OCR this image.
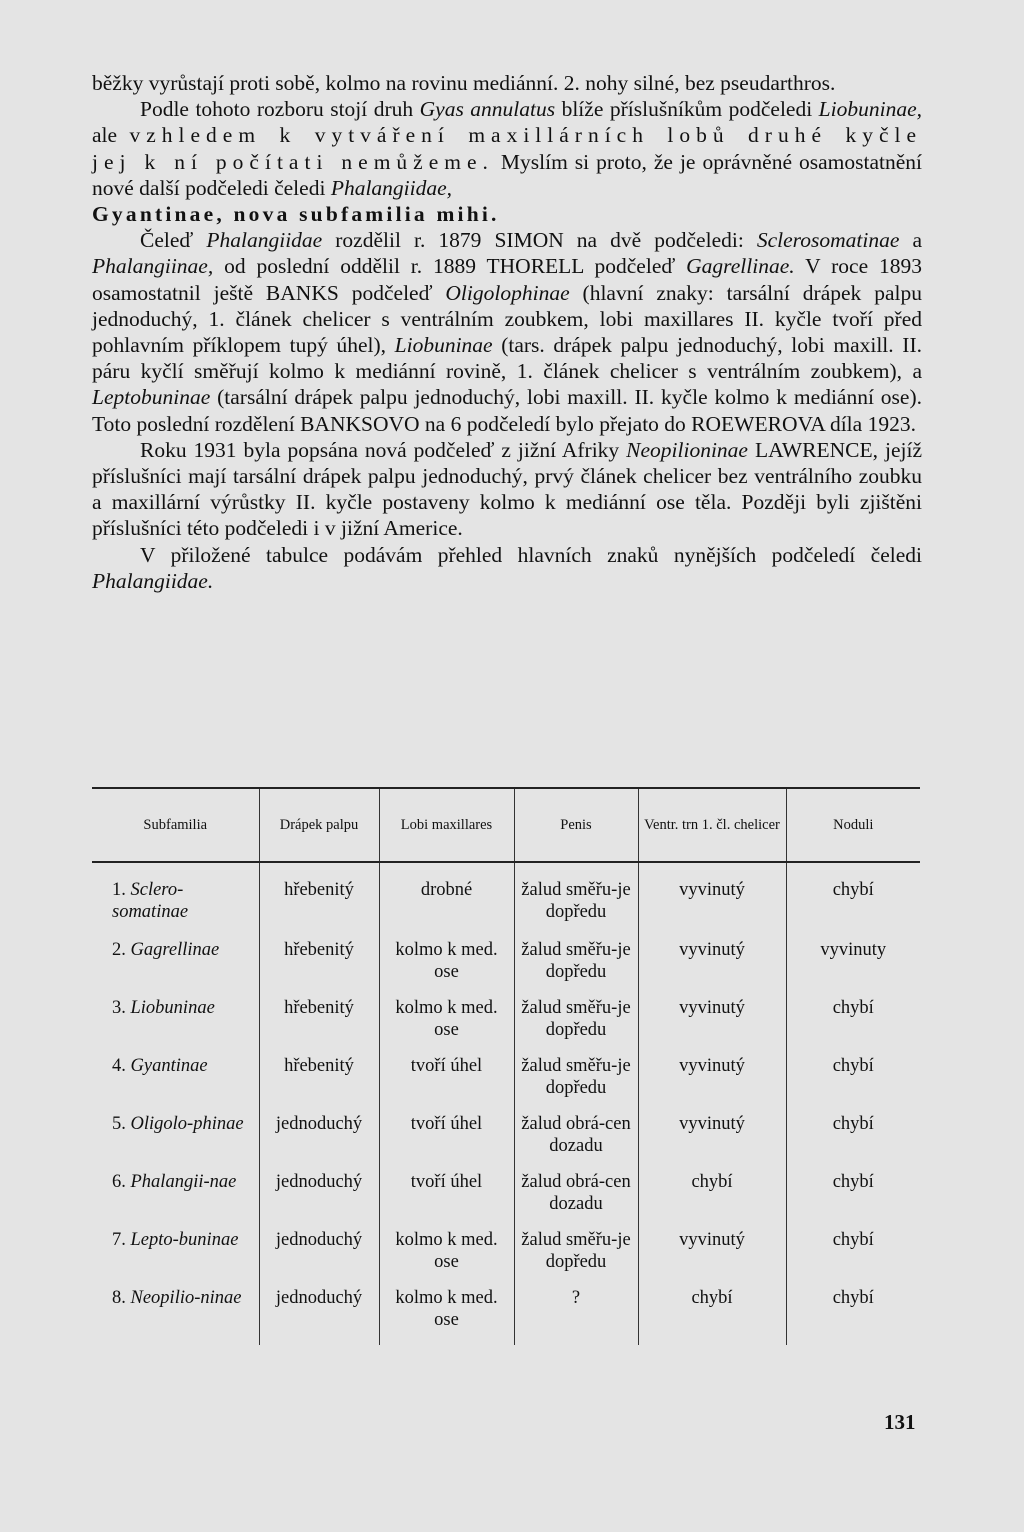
běžky vyrůstají proti sobě, kolmo na rovinu mediánní. 2. nohy silné, bez pseudarthros.

Podle tohoto rozboru stojí druh Gyas annulatus blíže příslušníkům podčeledi Liobuninae, ale vzhledem k vytváření maxillárních lobů druhé kyčle jej k ní počítati nemůžeme. Myslím si proto, že je oprávněné osamostatnění nové další podčeledi čeledi Phalangiidae,

Gyantinae, nova subfamilia mihi.

Čeleď Phalangiidae rozdělil r. 1879 SIMON na dvě podčeledi: Sclerosomatinae a Phalangiinae, od poslední oddělil r. 1889 THORELL podčeleď Gagrellinae. V roce 1893 osamostatnil ještě BANKS podčeleď Oligolophinae (hlavní znaky: tarsální drápek palpu jednoduchý, 1. článek chelicer s ventrálním zoubkem, lobi maxillares II. kyčle tvoří před pohlavním příklopem tupý úhel), Liobuninae (tars. drápek palpu jednoduchý, lobi maxill. II. páru kyčlí směřují kolmo k mediánní rovině, 1. článek chelicer s ventrálním zoubkem), a Leptobuninae (tarsální drápek palpu jednoduchý, lobi maxill. II. kyčle kolmo k mediánní ose). Toto poslední rozdělení BANKSOVO na 6 podčeledí bylo přejato do ROEWEROVA díla 1923.

Roku 1931 byla popsána nová podčeleď z jižní Afriky Neopilioninae LAWRENCE, jejíž příslušníci mají tarsální drápek palpu jednoduchý, prvý článek chelicer bez ventrálního zoubku a maxillární výrůstky II. kyčle postaveny kolmo k mediánní ose těla. Později byli zjištěni příslušníci této podčeledi i v jižní Americe.

V přiložené tabulce podávám přehled hlavních znaků nynějších podčeledí čeledi Phalangiidae.

Subfamilia	Drápek palpu	Lobi maxillares	Penis	Ventr. trn 1. čl. chelicer	Noduli
1. Sclero-somatinae	hřebenitý	drobné	žalud směřu-je dopředu	vyvinutý	chybí
2. Gagrellinae	hřebenitý	kolmo k med. ose	žalud směřu-je dopředu	vyvinutý	vyvinuty
3. Liobuninae	hřebenitý	kolmo k med. ose	žalud směřu-je dopředu	vyvinutý	chybí
4. Gyantinae	hřebenitý	tvoří úhel	žalud směřu-je dopředu	vyvinutý	chybí
5. Oligolo-phinae	jednoduchý	tvoří úhel	žalud obrá-cen dozadu	vyvinutý	chybí
6. Phalangii-nae	jednoduchý	tvoří úhel	žalud obrá-cen dozadu	chybí	chybí
7. Lepto-buninae	jednoduchý	kolmo k med. ose	žalud směřu-je dopředu	vyvinutý	chybí
8. Neopilio-ninae	jednoduchý	kolmo k med. ose	?	chybí	chybí
131
